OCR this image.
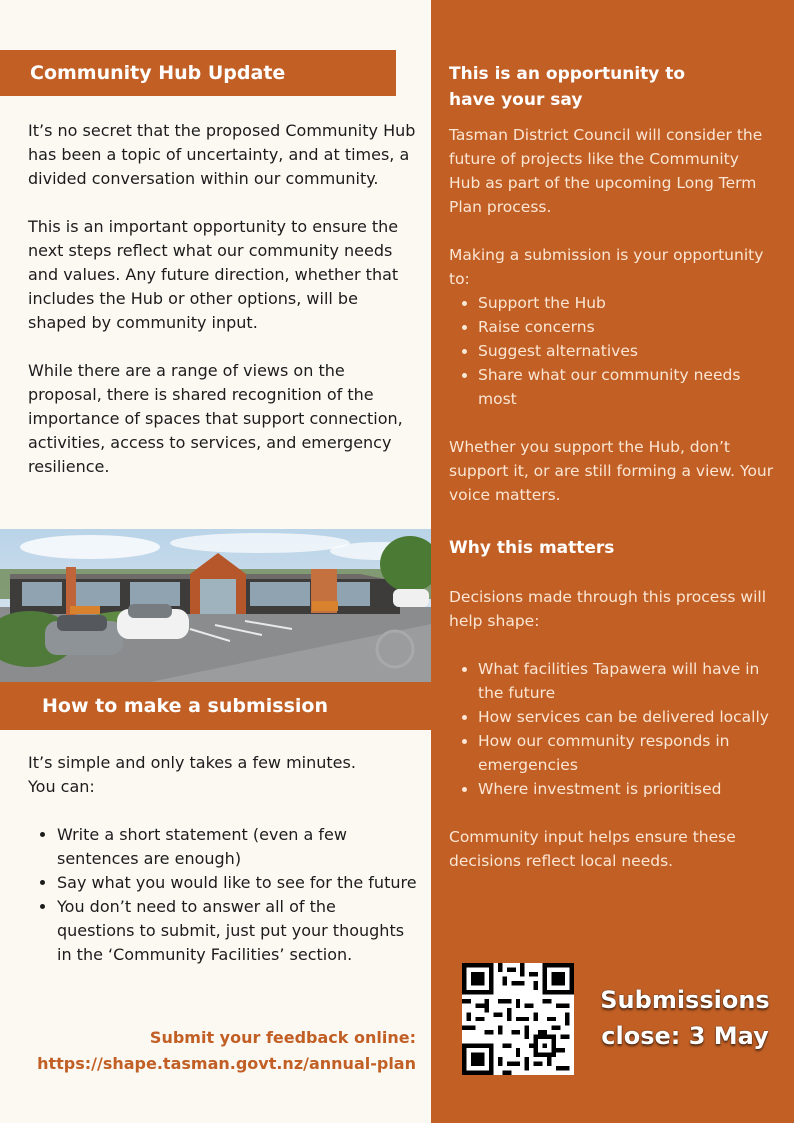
Community Hub Update

It’s no secret that the proposed Community Hub has been a topic of uncertainty, and at times, a divided conversation within our community.

This is an important opportunity to ensure the next steps reflect what our community needs and values. Any future direction, whether that includes the Hub or other options, will be shaped by community input.

While there are a range of views on the proposal, there is shared recognition of the importance of spaces that support connection, activities, access to services, and emergency resilience.

How to make a submission

It’s simple and only takes a few minutes.
You can:

• Write a short statement (even a few sentences are enough)
• Say what you would like to see for the future
• You don’t need to answer all of the questions to submit, just put your thoughts in the ‘Community Facilities’ section.
Submit your feedback online:
https://shape.tasman.govt.nz/annual-plan
This is an opportunity to have your say

Tasman District Council will consider the future of projects like the Community Hub as part of the upcoming Long Term Plan process.

Making a submission is your opportunity to:

• Support the Hub
• Raise concerns
• Suggest alternatives
• Share what our community needs most

Whether you support the Hub, don’t support it, or are still forming a view. Your voice matters.

Why this matters

Decisions made through this process will help shape:

• What facilities Tapawera will have in the future
• How services can be delivered locally
• How our community responds in emergencies
• Where investment is prioritised

Community input helps ensure these decisions reflect local needs.

Submissions close: 3 May
